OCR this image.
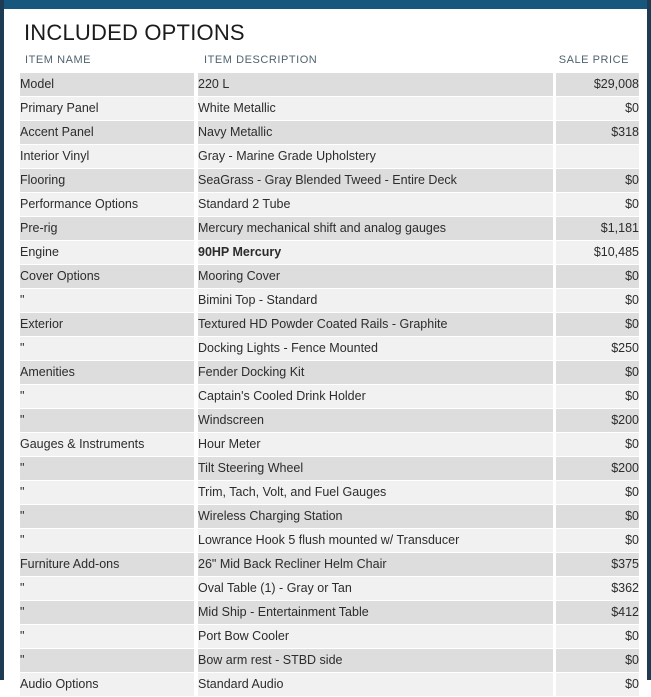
INCLUDED OPTIONS
ITEM NAME		ITEM DESCRIPTION		SALE PRICE
Model		220 L		$29,008
Primary Panel		White Metallic		$0
Accent Panel		Navy Metallic		$318
Interior Vinyl		Gray - Marine Grade Upholstery		
Flooring		SeaGrass - Gray Blended Tweed - Entire Deck		$0
Performance Options		Standard 2 Tube		$0
Pre-rig		Mercury mechanical shift and analog gauges		$1,181
Engine		90HP Mercury		$10,485
Cover Options		Mooring Cover		$0
"		Bimini Top - Standard		$0
Exterior		Textured HD Powder Coated Rails - Graphite		$0
"		Docking Lights - Fence Mounted		$250
Amenities		Fender Docking Kit		$0
"		Captain's Cooled Drink Holder		$0
"		Windscreen		$200
Gauges & Instruments		Hour Meter		$0
"		Tilt Steering Wheel		$200
"		Trim, Tach, Volt, and Fuel Gauges		$0
"		Wireless Charging Station		$0
"		Lowrance Hook 5 flush mounted w/ Transducer		$0
Furniture Add-ons		26" Mid Back Recliner Helm Chair		$375
"		Oval Table (1) - Gray or Tan		$362
"		Mid Ship - Entertainment Table		$412
"		Port Bow Cooler		$0
"		Bow arm rest - STBD side		$0
Audio Options		Standard Audio		$0
